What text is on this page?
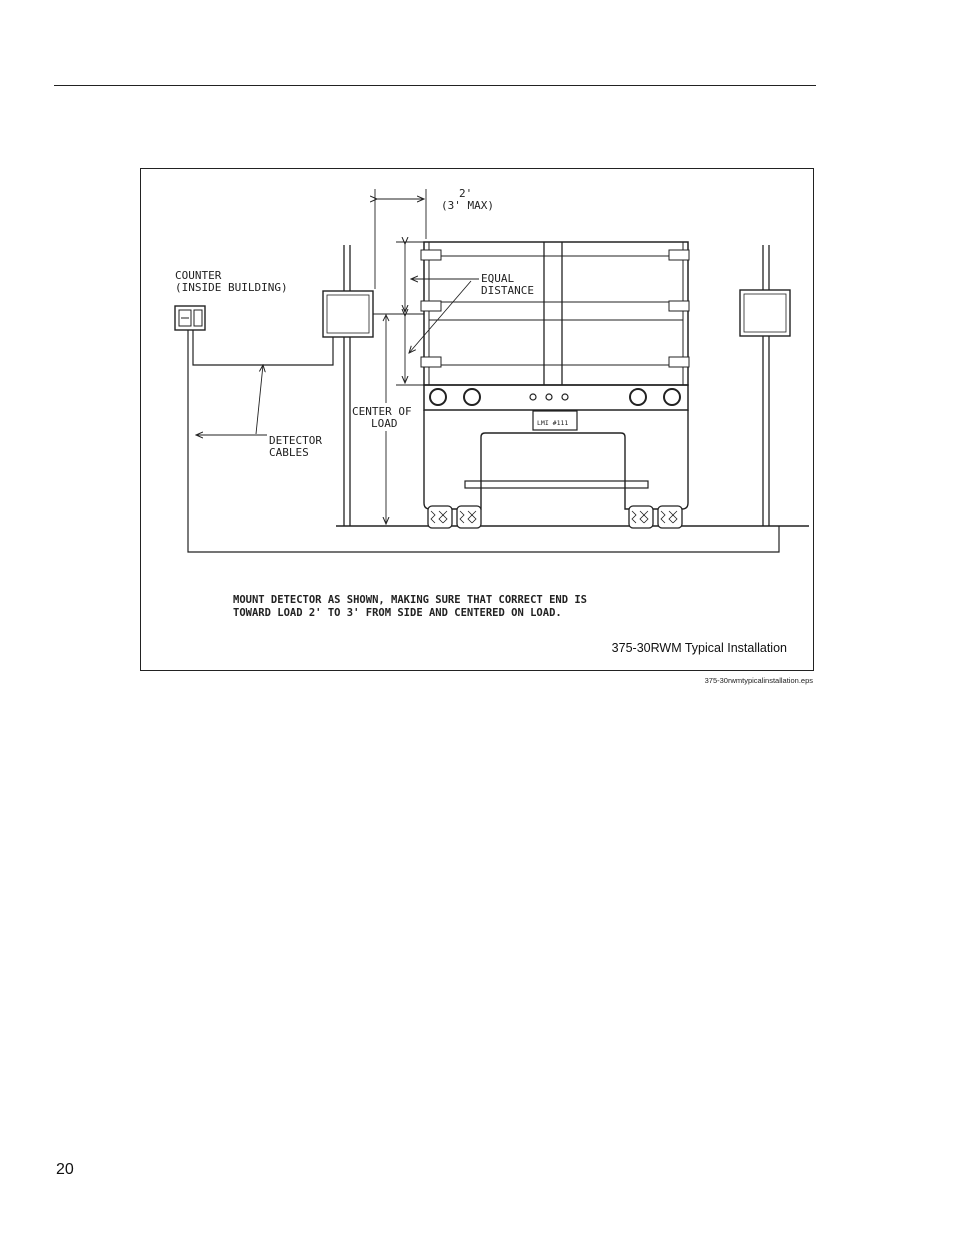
2'
(3' MAX)
COUNTER
(INSIDE BUILDING)
EQUAL
DISTANCE
CENTER OF
LOAD
DETECTOR
CABLES
LMI #111
MOUNT DETECTOR AS SHOWN, MAKING SURE THAT CORRECT END IS
TOWARD LOAD 2' TO 3' FROM SIDE AND CENTERED ON LOAD.
375-30RWM Typical Installation
375-30rwmtypicalinstallation.eps
20
